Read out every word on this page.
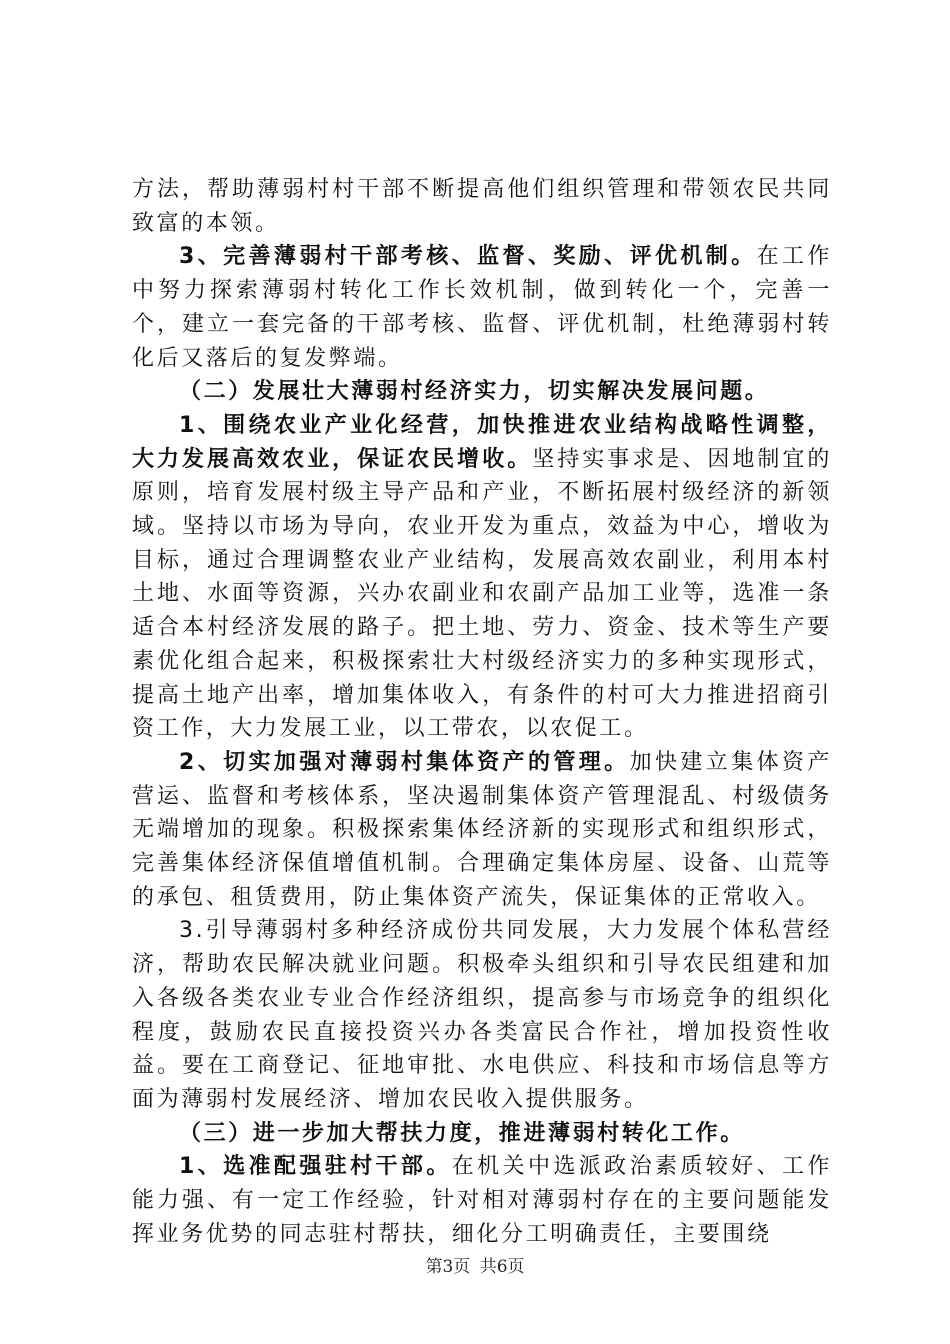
方法，帮助薄弱村村干部不断提高他们组织管理和带领农民共同致富的本领。

3、完善薄弱村干部考核、监督、奖励、评优机制。在工作中努力探索薄弱村转化工作长效机制，做到转化一个，完善一个，建立一套完备的干部考核、监督、评优机制，杜绝薄弱村转化后又落后的复发弊端。

（二）发展壮大薄弱村经济实力，切实解决发展问题。

1、围绕农业产业化经营，加快推进农业结构战略性调整，大力发展高效农业，保证农民增收。坚持实事求是、因地制宜的原则，培育发展村级主导产品和产业，不断拓展村级经济的新领域。坚持以市场为导向，农业开发为重点，效益为中心，增收为目标，通过合理调整农业产业结构，发展高效农副业，利用本村土地、水面等资源，兴办农副业和农副产品加工业等，选准一条适合本村经济发展的路子。把土地、劳力、资金、技术等生产要素优化组合起来，积极探索壮大村级经济实力的多种实现形式，提高土地产出率，增加集体收入，有条件的村可大力推进招商引资工作，大力发展工业，以工带农，以农促工。

2、切实加强对薄弱村集体资产的管理。加快建立集体资产营运、监督和考核体系，坚决遏制集体资产管理混乱、村级债务无端增加的现象。积极探索集体经济新的实现形式和组织形式，完善集体经济保值增值机制。合理确定集体房屋、设备、山荒等的承包、租赁费用，防止集体资产流失，保证集体的正常收入。

3.引导薄弱村多种经济成份共同发展，大力发展个体私营经济，帮助农民解决就业问题。积极牵头组织和引导农民组建和加入各级各类农业专业合作经济组织，提高参与市场竞争的组织化程度，鼓励农民直接投资兴办各类富民合作社，增加投资性收益。要在工商登记、征地审批、水电供应、科技和市场信息等方面为薄弱村发展经济、增加农民收入提供服务。

（三）进一步加大帮扶力度，推进薄弱村转化工作。

1、选准配强驻村干部。在机关中选派政治素质较好、工作能力强、有一定工作经验，针对相对薄弱村存在的主要问题能发挥业务优势的同志驻村帮扶，细化分工明确责任，主要围绕

第3页 共6页
